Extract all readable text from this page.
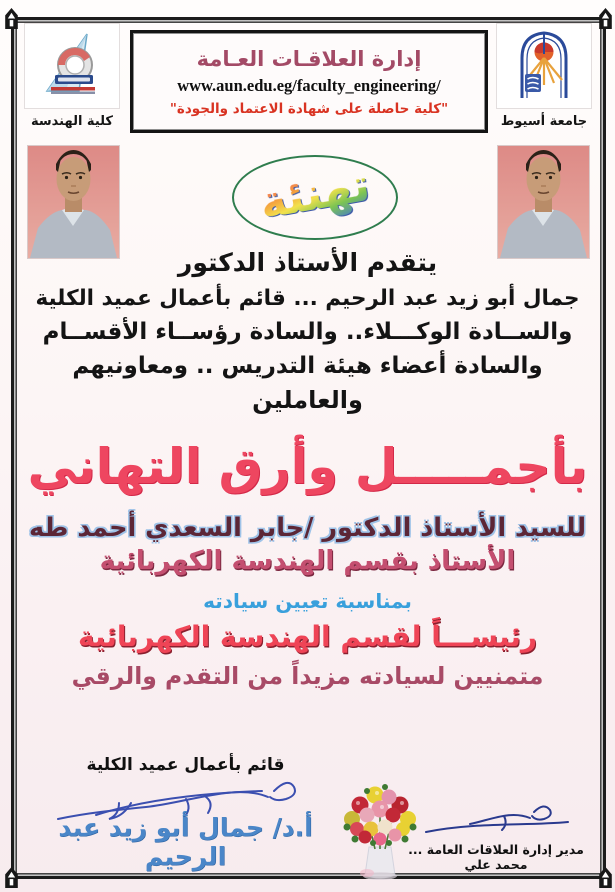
كلية الهندسة
إدارة العلاقـات العـامة
www.aun.edu.eg/faculty_engineering/
"كلية حاصلة على شهادة الاعتماد والجودة"
جامعة أسيوط
تهنئة
يتقدم الأستاذ الدكتور
جمال أبو زيد عبد الرحيم ... قائم بأعمال عميد الكلية
والســادة الوكـــلاء.. والسادة رؤســاء الأقســام
والسادة أعضاء هيئة التدريس .. ومعاونيهم
والعاملين
بأجمـــــل وأرق التهاني
للسيد الأستاذ الدكتور /جابر السعدي أحمد طه
الأستاذ بقسم الهندسة الكهربائية
بمناسبة تعيين سيادته
رئيســـاً لقسم الهندسة الكهربائية
متمنيين لسيادته مزيداً من التقدم والرقي
قائم بأعمال عميد الكلية
أ.د/ جمال أبو زيد عبد الرحيم	مدير إدارة العلاقات العامة ... محمد علي
